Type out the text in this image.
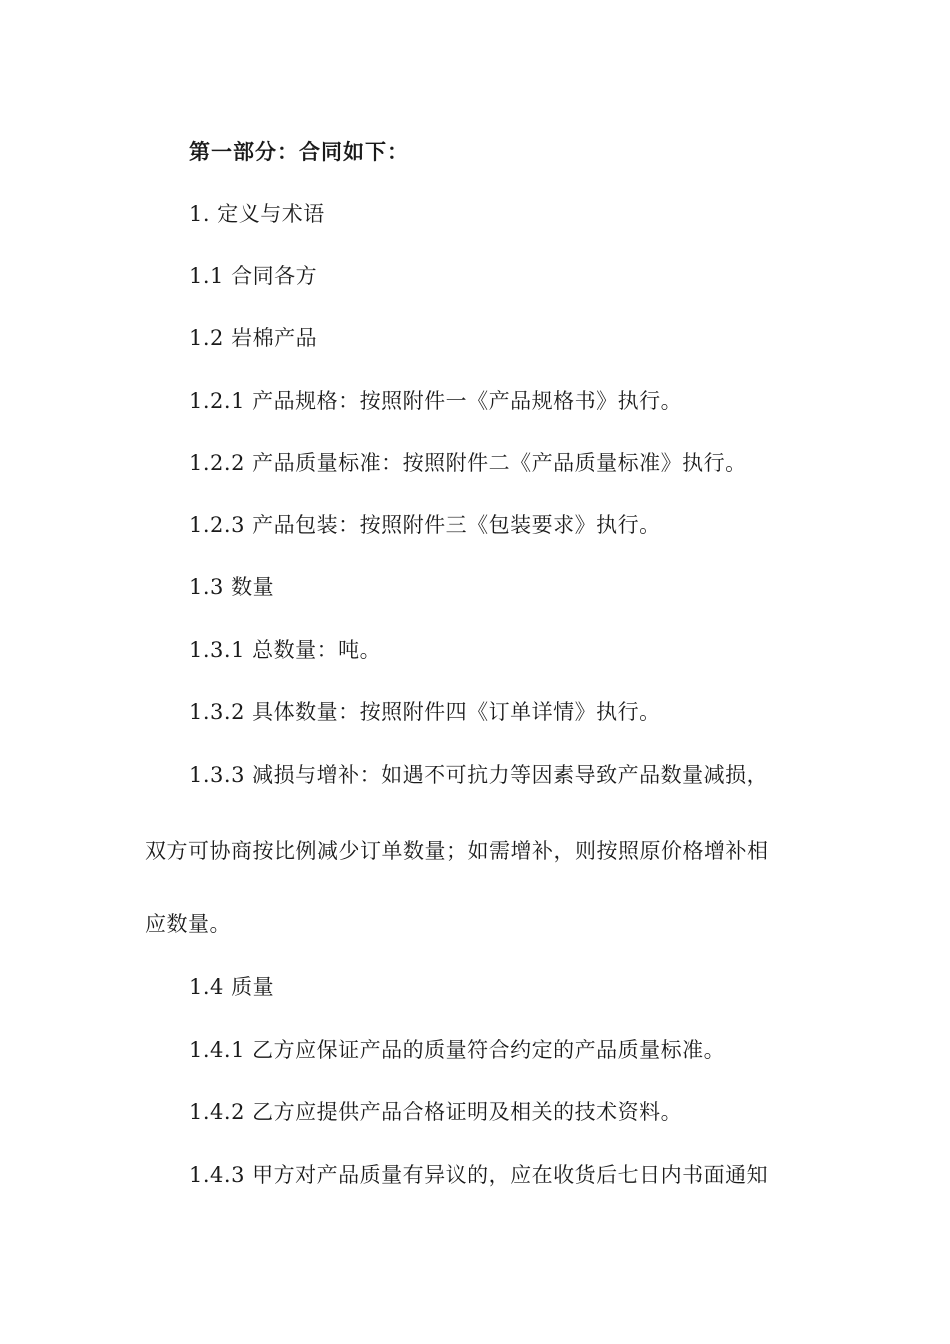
第一部分：合同如下：
1. 定义与术语
1.1 合同各方
1.2 岩棉产品
1.2.1 产品规格：按照附件一《产品规格书》执行。
1.2.2 产品质量标准：按照附件二《产品质量标准》执行。
1.2.3 产品包装：按照附件三《包装要求》执行。
1.3 数量
1.3.1 总数量：吨。
1.3.2 具体数量：按照附件四《订单详情》执行。
1.3.3 减损与增补：如遇不可抗力等因素导致产品数量减损，
双方可协商按比例减少订单数量；如需增补，则按照原价格增补相
应数量。
1.4 质量
1.4.1 乙方应保证产品的质量符合约定的产品质量标准。
1.4.2 乙方应提供产品合格证明及相关的技术资料。
1.4.3 甲方对产品质量有异议的，应在收货后七日内书面通知
